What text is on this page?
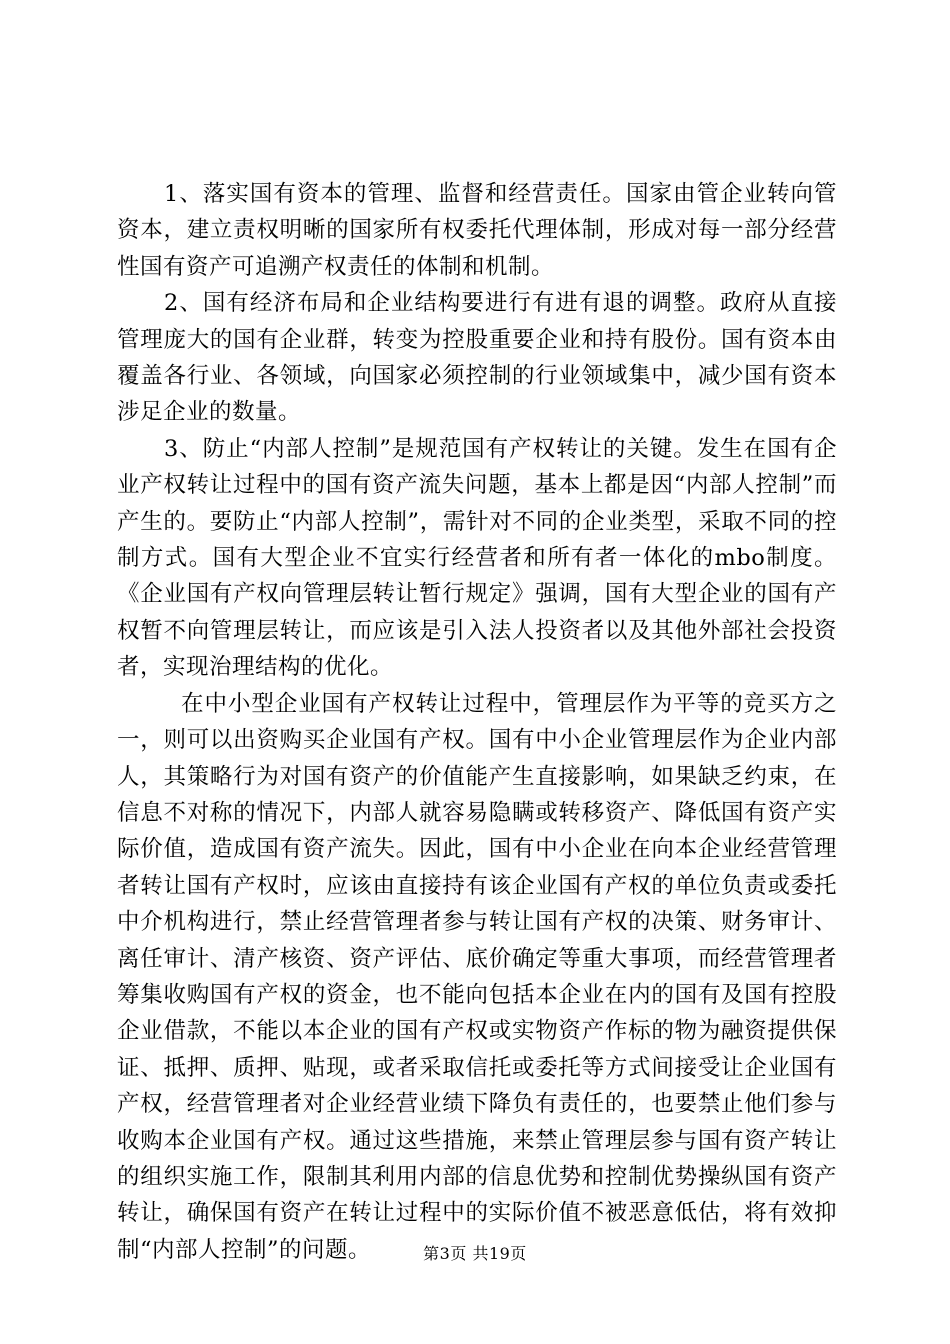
1、落实国有资本的管理、监督和经营责任。国家由管企业转向管资本，建立责权明晰的国家所有权委托代理体制，形成对每一部分经营性国有资产可追溯产权责任的体制和机制。

2、国有经济布局和企业结构要进行有进有退的调整。政府从直接管理庞大的国有企业群，转变为控股重要企业和持有股份。国有资本由覆盖各行业、各领域，向国家必须控制的行业领域集中，减少国有资本涉足企业的数量。

3、防止“内部人控制”是规范国有产权转让的关键。发生在国有企业产权转让过程中的国有资产流失问题，基本上都是因“内部人控制”而产生的。要防止“内部人控制”，需针对不同的企业类型，采取不同的控制方式。国有大型企业不宜实行经营者和所有者一体化的mbo制度。《企业国有产权向管理层转让暂行规定》强调，国有大型企业的国有产权暂不向管理层转让，而应该是引入法人投资者以及其他外部社会投资者，实现治理结构的优化。

在中小型企业国有产权转让过程中，管理层作为平等的竞买方之一，则可以出资购买企业国有产权。国有中小企业管理层作为企业内部人，其策略行为对国有资产的价值能产生直接影响，如果缺乏约束，在信息不对称的情况下，内部人就容易隐瞒或转移资产、降低国有资产实际价值，造成国有资产流失。因此，国有中小企业在向本企业经营管理者转让国有产权时，应该由直接持有该企业国有产权的单位负责或委托中介机构进行，禁止经营管理者参与转让国有产权的决策、财务审计、离任审计、清产核资、资产评估、底价确定等重大事项，而经营管理者筹集收购国有产权的资金，也不能向包括本企业在内的国有及国有控股企业借款，不能以本企业的国有产权或实物资产作标的物为融资提供保证、抵押、质押、贴现，或者采取信托或委托等方式间接受让企业国有产权，经营管理者对企业经营业绩下降负有责任的，也要禁止他们参与收购本企业国有产权。通过这些措施，来禁止管理层参与国有资产转让的组织实施工作，限制其利用内部的信息优势和控制优势操纵国有资产转让，确保国有资产在转让过程中的实际价值不被恶意低估，将有效抑制“内部人控制”的问题。	第3页 共19页
